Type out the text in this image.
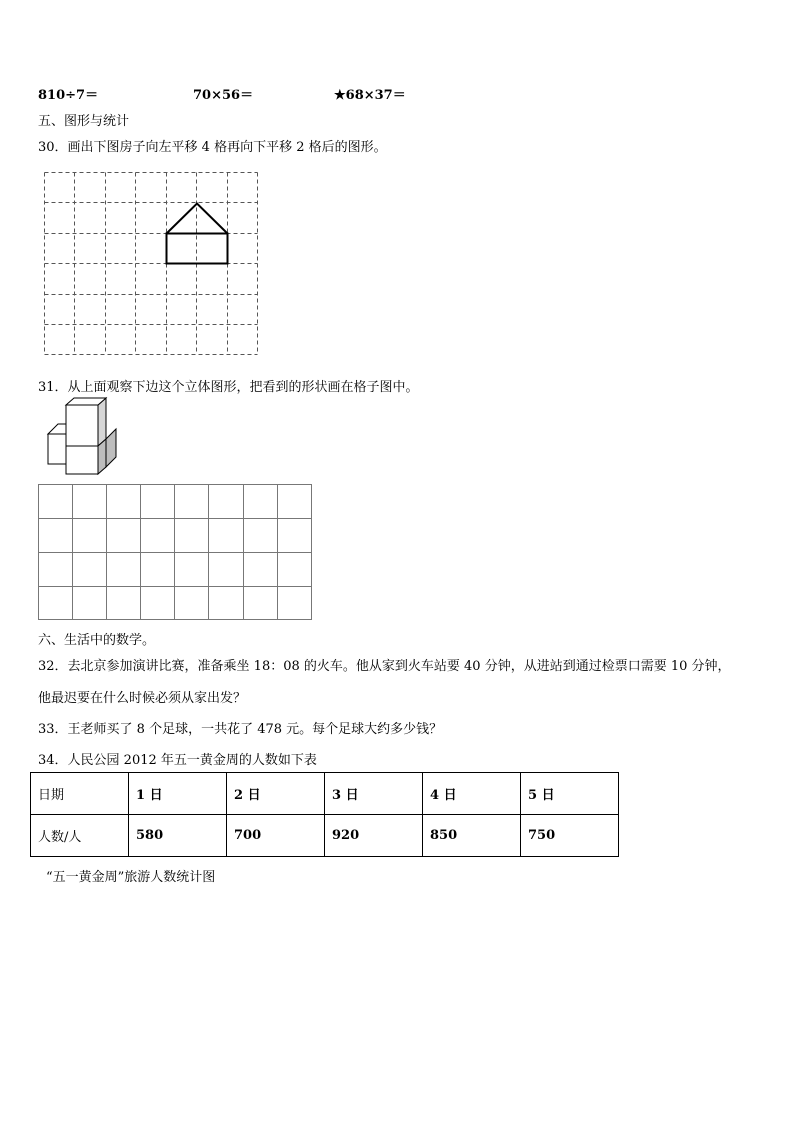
810÷7＝	70×56＝	★68×37＝
五、图形与统计
30．画出下图房子向左平移 4 格再向下平移 2 格后的图形。
31．从上面观察下边这个立体图形，把看到的形状画在格子图中。
六、生活中的数学。
32．去北京参加演讲比赛，准备乘坐 18：08 的火车。他从家到火车站要 40 分钟，从进站到通过检票口需要 10 分钟，
他最迟要在什么时候必须从家出发？
33．王老师买了 8 个足球，一共花了 478 元。每个足球大约多少钱？
34．人民公园 2012 年五一黄金周的人数如下表
日期	1 日	2 日	3 日	4 日	5 日
人数/人	580	700	920	850	750
“五一黄金周”旅游人数统计图
